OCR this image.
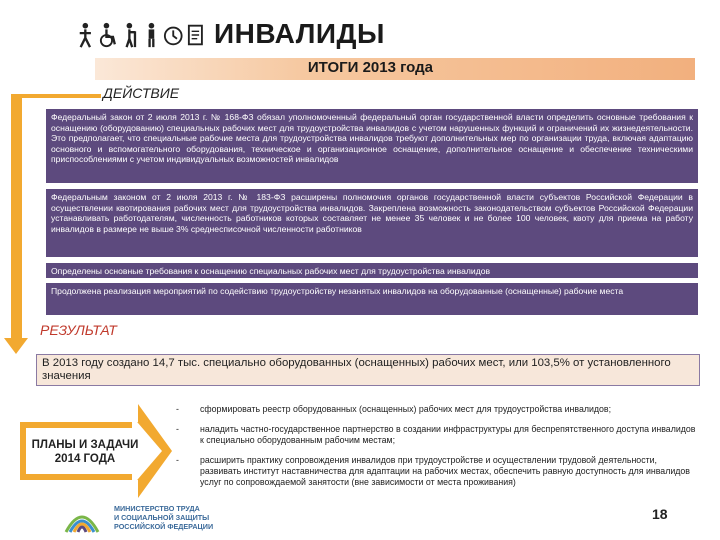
ИНВАЛИДЫ
ИТОГИ 2013 года
ДЕЙСТВИЕ
Федеральный закон от 2 июля 2013 г. № 168-ФЗ обязал уполномоченный федеральный орган государственной власти определить основные требования к оснащению (оборудованию) специальных рабочих мест для трудоустройства инвалидов с учетом нарушенных функций и ограничений их жизнедеятельности. Это предполагает, что специальные рабочие места для трудоустройства инвалидов требуют дополнительных мер по организации труда, включая адаптацию основного и вспомогательного оборудования, техническое и организационное оснащение, дополнительное оснащение и обеспечение техническими приспособлениями с учетом индивидуальных возможностей инвалидов
Федеральным законом от 2 июля 2013 г. № 183-ФЗ расширены полномочия органов государственной власти субъектов Российской Федерации в осуществлении квотирования рабочих мест для трудоустройства инвалидов. Закреплена возможность законодательством субъектов Российской Федерации устанавливать работодателям, численность работников которых составляет не менее 35 человек и не более 100 человек, квоту для приема на работу инвалидов в размере не выше 3% среднесписочной численности работников
Определены основные требования к оснащению специальных рабочих мест для трудоустройства инвалидов
Продолжена реализация мероприятий по содействию трудоустройству незанятых инвалидов на оборудованные (оснащенные) рабочие места
РЕЗУЛЬТАТ
В 2013 году создано 14,7 тыс. специально оборудованных (оснащенных) рабочих мест, или 103,5% от установленного значения
ПЛАНЫ И ЗАДАЧИ 2014 ГОДА
- сформировать реестр оборудованных (оснащенных) рабочих мест для трудоустройства инвалидов;
- наладить частно-государственное партнерство в создании инфраструктуры для беспрепятственного доступа инвалидов к специально оборудованным рабочим местам;
- расширить практику сопровождения инвалидов при трудоустройстве и осуществлении трудовой деятельности, развивать институт наставничества для адаптации на рабочих местах, обеспечить равную доступность для инвалидов услуг по сопровождаемой занятости (вне зависимости от места проживания)
МИНИСТЕРСТВО ТРУДА
И СОЦИАЛЬНОЙ ЗАЩИТЫ
РОССИЙСКОЙ ФЕДЕРАЦИИ
18
